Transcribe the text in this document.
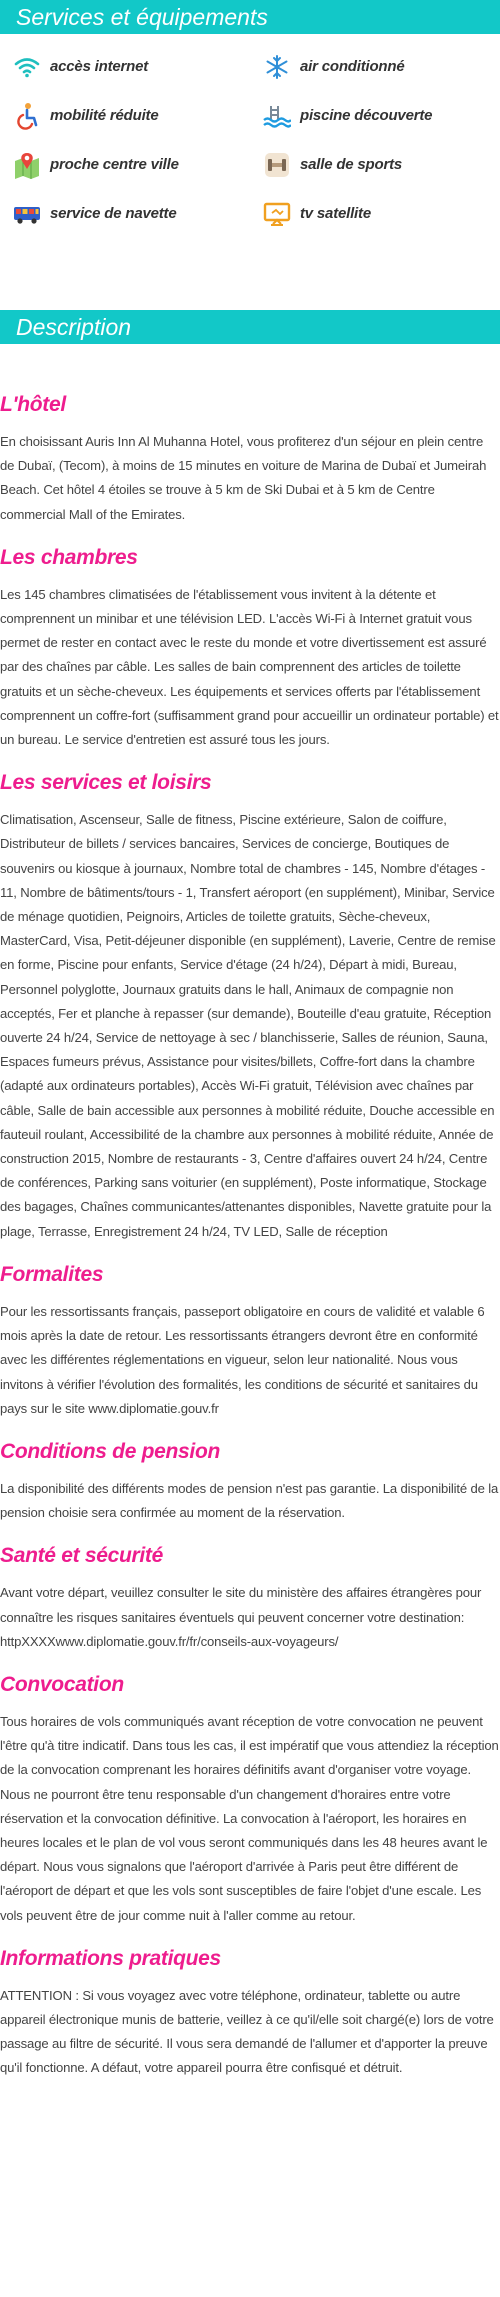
Services et équipements
accès internet	air conditionné
mobilité réduite	piscine découverte
proche centre ville	salle de sports
service de navette	tv satellite
Description
L'hôtel

En choisissant Auris Inn Al Muhanna Hotel, vous profiterez d'un séjour en plein centre de Dubaï, (Tecom), à moins de 15 minutes en voiture de Marina de Dubaï et Jumeirah Beach. Cet hôtel 4 étoiles se trouve à 5 km de Ski Dubai et à 5 km de Centre commercial Mall of the Emirates.

Les chambres

Les 145 chambres climatisées de l'établissement vous invitent à la détente et comprennent un minibar et une télévision LED. L'accès Wi-Fi à Internet gratuit vous permet de rester en contact avec le reste du monde et votre divertissement est assuré par des chaînes par câble. Les salles de bain comprennent des articles de toilette gratuits et un sèche-cheveux. Les équipements et services offerts par l'établissement comprennent un coffre-fort (suffisamment grand pour accueillir un ordinateur portable) et un bureau. Le service d'entretien est assuré tous les jours.

Les services et loisirs

Climatisation, Ascenseur, Salle de fitness, Piscine extérieure, Salon de coiffure, Distributeur de billets / services bancaires, Services de concierge, Boutiques de souvenirs ou kiosque à journaux, Nombre total de chambres - 145, Nombre d'étages - 11, Nombre de bâtiments/tours - 1, Transfert aéroport (en supplément), Minibar, Service de ménage quotidien, Peignoirs, Articles de toilette gratuits, Sèche-cheveux, MasterCard, Visa, Petit-déjeuner disponible (en supplément), Laverie, Centre de remise en forme, Piscine pour enfants, Service d'étage (24 h/24), Départ à midi, Bureau, Personnel polyglotte, Journaux gratuits dans le hall, Animaux de compagnie non acceptés, Fer et planche à repasser (sur demande), Bouteille d'eau gratuite, Réception ouverte 24 h/24, Service de nettoyage à sec / blanchisserie, Salles de réunion, Sauna, Espaces fumeurs prévus, Assistance pour visites/billets, Coffre-fort dans la chambre (adapté aux ordinateurs portables), Accès Wi-Fi gratuit, Télévision avec chaînes par câble, Salle de bain accessible aux personnes à mobilité réduite, Douche accessible en fauteuil roulant, Accessibilité de la chambre aux personnes à mobilité réduite, Année de construction 2015, Nombre de restaurants - 3, Centre d'affaires ouvert 24 h/24, Centre de conférences, Parking sans voiturier (en supplément), Poste informatique, Stockage des bagages, Chaînes communicantes/attenantes disponibles, Navette gratuite pour la plage, Terrasse, Enregistrement 24 h/24, TV LED, Salle de réception

Formalites

Pour les ressortissants français, passeport obligatoire en cours de validité et valable 6 mois après la date de retour. Les ressortissants étrangers devront être en conformité avec les différentes réglementations en vigueur, selon leur nationalité. Nous vous invitons à vérifier l'évolution des formalités, les conditions de sécurité et sanitaires du pays sur le site www.diplomatie.gouv.fr

Conditions de pension

La disponibilité des différents modes de pension n'est pas garantie. La disponibilité de la pension choisie sera confirmée au moment de la réservation.

Santé et sécurité

Avant votre départ, veuillez consulter le site du ministère des affaires étrangères pour connaître les risques sanitaires éventuels qui peuvent concerner votre destination: httpXXXXwww.diplomatie.gouv.fr/fr/conseils-aux-voyageurs/

Convocation

Tous horaires de vols communiqués avant réception de votre convocation ne peuvent l'être qu'à titre indicatif. Dans tous les cas, il est impératif que vous attendiez la réception de la convocation comprenant les horaires définitifs avant d'organiser votre voyage. Nous ne pourront être tenu responsable d'un changement d'horaires entre votre réservation et la convocation définitive. La convocation à l'aéroport, les horaires en heures locales et le plan de vol vous seront communiqués dans les 48 heures avant le départ. Nous vous signalons que l'aéroport d'arrivée à Paris peut être différent de l'aéroport de départ et que les vols sont susceptibles de faire l'objet d'une escale. Les vols peuvent être de jour comme nuit à l'aller comme au retour.

Informations pratiques

ATTENTION : Si vous voyagez avec votre téléphone, ordinateur, tablette ou autre appareil électronique munis de batterie, veillez à ce qu'il/elle soit chargé(e) lors de votre passage au filtre de sécurité. Il vous sera demandé de l'allumer et d'apporter la preuve qu'il fonctionne. A défaut, votre appareil pourra être confisqué et détruit.
